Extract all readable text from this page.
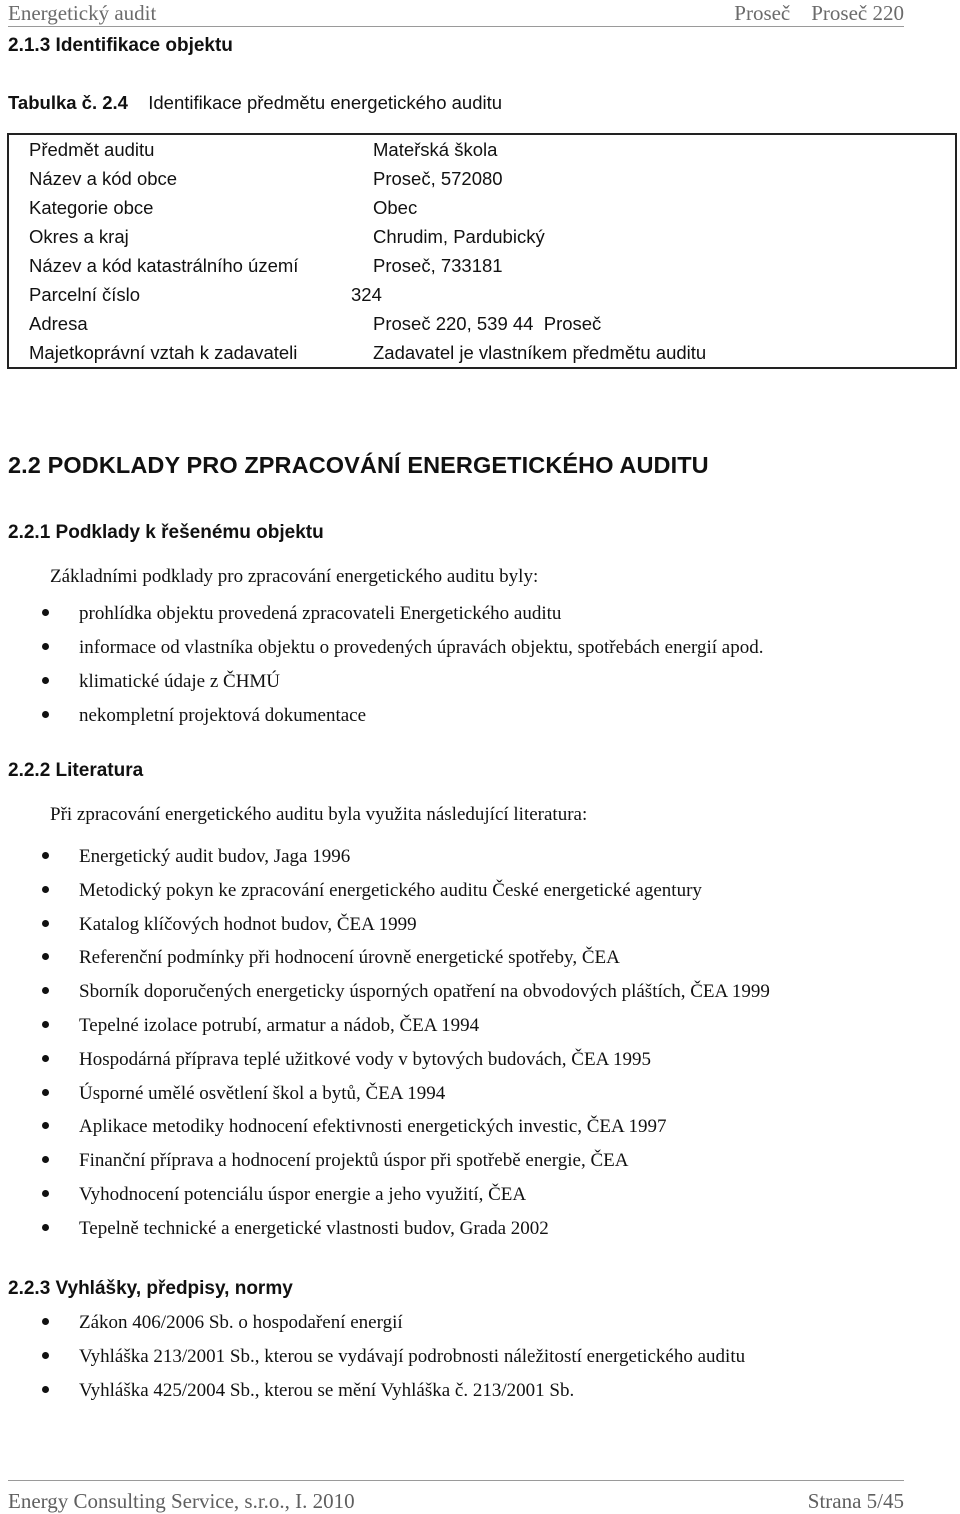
Energetický audit	Proseč    Proseč 220
2.1.3 Identifikace objektu
Tabulka č. 2.4 Identifikace předmětu energetického auditu
Předmět auditu	Mateřská škola
Název a kód obce	Proseč, 572080
Kategorie obce	Obec
Okres a kraj	Chrudim, Pardubický
Název a kód katastrálního území	Proseč, 733181
Parcelní číslo	324
Adresa	Proseč 220, 539 44  Proseč
Majetkoprávní vztah k zadavateli	Zadavatel je vlastníkem předmětu auditu
2.2 PODKLADY PRO ZPRACOVÁNÍ ENERGETICKÉHO AUDITU
2.2.1 Podklady k řešenému objektu
Základními podklady pro zpracování energetického auditu byly:
prohlídka objektu provedená zpracovateli Energetického auditu
informace od vlastníka objektu o provedených úpravách objektu, spotřebách energií apod.
klimatické údaje z ČHMÚ
nekompletní projektová dokumentace
2.2.2 Literatura
Při zpracování energetického auditu byla využita následující literatura:
Energetický audit budov, Jaga 1996
Metodický pokyn ke zpracování energetického auditu České energetické agentury
Katalog klíčových hodnot budov, ČEA 1999
Referenční podmínky při hodnocení úrovně energetické spotřeby, ČEA
Sborník doporučených energeticky úsporných opatření na obvodových pláštích, ČEA 1999
Tepelné izolace potrubí, armatur a nádob, ČEA 1994
Hospodárná příprava teplé užitkové vody v bytových budovách, ČEA 1995
Úsporné umělé osvětlení škol a bytů, ČEA 1994
Aplikace metodiky hodnocení efektivnosti energetických investic, ČEA 1997
Finanční příprava a hodnocení projektů úspor při spotřebě energie, ČEA
Vyhodnocení potenciálu úspor energie a jeho využití, ČEA
Tepelně technické a energetické vlastnosti budov, Grada 2002
2.2.3 Vyhlášky, předpisy, normy
Zákon 406/2006 Sb. o hospodaření energií
Vyhláška 213/2001 Sb., kterou se vydávají podrobnosti náležitostí energetického auditu
Vyhláška 425/2004 Sb., kterou se mění Vyhláška č. 213/2001 Sb.
Energy Consulting Service, s.r.o., I. 2010	Strana 5/45
